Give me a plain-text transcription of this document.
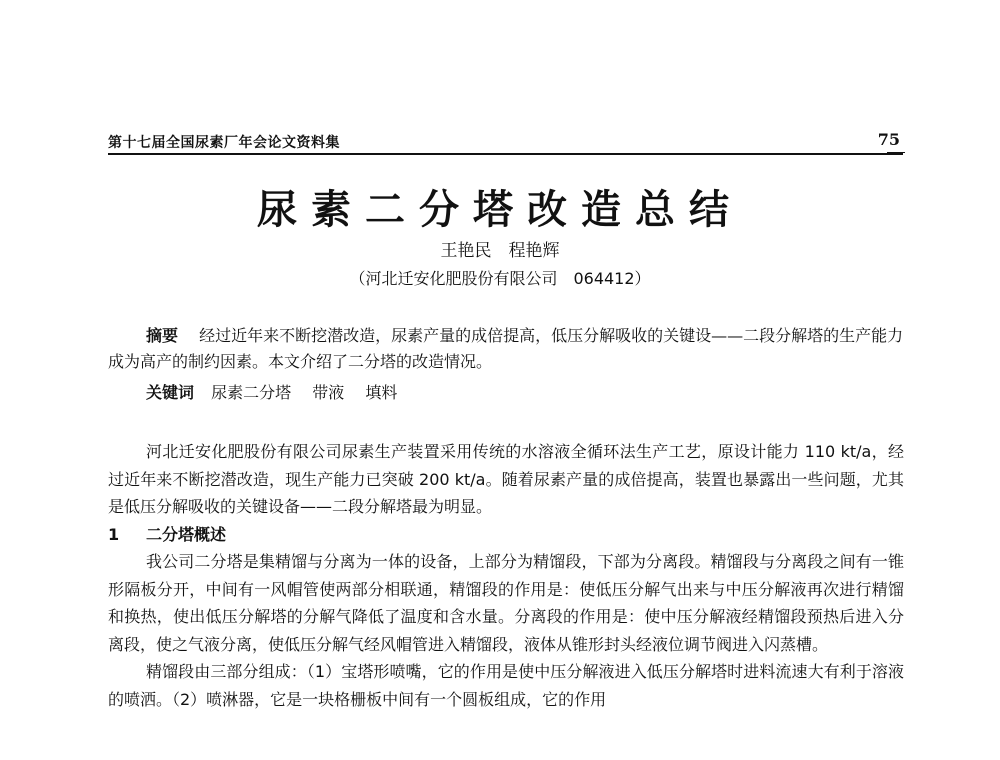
第十七届全国尿素厂年会论文资料集	75
尿素二分塔改造总结
王艳民　程艳辉
（河北迁安化肥股份有限公司　064412）
摘要　 经过近年来不断挖潜改造，尿素产量的成倍提高，低压分解吸收的关键设——二段分解塔的生产能力成为高产的制约因素。本文介绍了二分塔的改造情况。
关键词 尿素二分塔 带液 填料

河北迁安化肥股份有限公司尿素生产装置采用传统的水溶液全循环法生产工艺，原设计能力 110 kt/a，经过近年来不断挖潜改造，现生产能力已突破 200 kt/a。随着尿素产量的成倍提高，装置也暴露出一些问题，尤其是低压分解吸收的关键设备——二段分解塔最为明显。

1 二分塔概述

我公司二分塔是集精馏与分离为一体的设备，上部分为精馏段，下部为分离段。精馏段与分离段之间有一锥形隔板分开，中间有一风帽管使两部分相联通，精馏段的作用是：使低压分解气出来与中压分解液再次进行精馏和换热，使出低压分解塔的分解气降低了温度和含水量。分离段的作用是：使中压分解液经精馏段预热后进入分离段，使之气液分离，使低压分解气经风帽管进入精馏段，液体从锥形封头经液位调节阀进入闪蒸槽。

精馏段由三部分组成：（1）宝塔形喷嘴，它的作用是使中压分解液进入低压分解塔时进料流速大有利于溶液的喷洒。（2）喷淋器，它是一块格栅板中间有一个圆板组成，它的作用
